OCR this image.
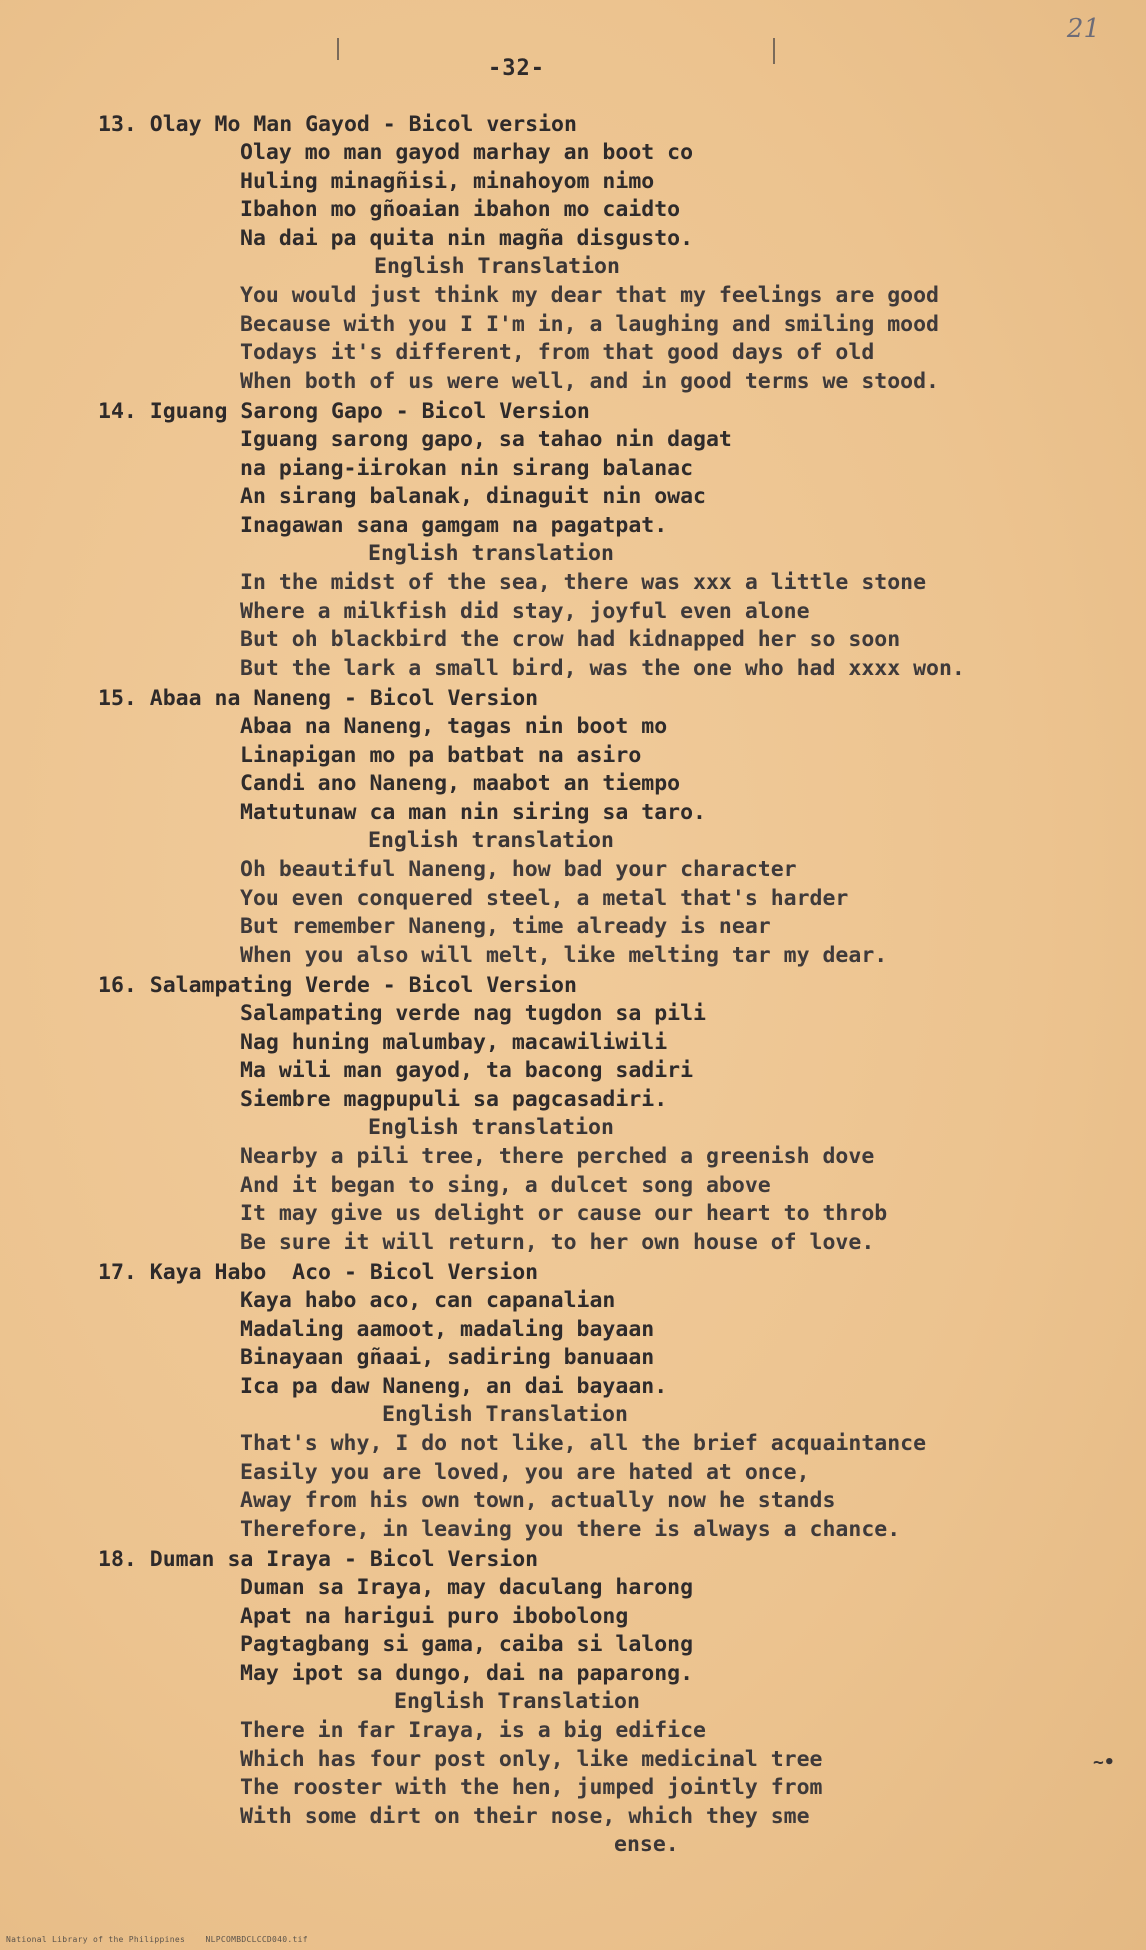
21
-32-
13. Olay Mo Man Gayod - Bicol version
Olay mo man gayod marhay an boot co
Huling minagñisi, minahoyom nimo
Ibahon mo gñoaian ibahon mo caidto
Na dai pa quita nin magña disgusto.
English Translation
You would just think my dear that my feelings are good
Because with you I I'm in, a laughing and smiling mood
Todays it's different, from that good days of old
When both of us were well, and in good terms we stood.
14. Iguang Sarong Gapo - Bicol Version
Iguang sarong gapo, sa tahao nin dagat
na piang-iirokan nin sirang balanac
An sirang balanak, dinaguit nin owac
Inagawan sana gamgam na pagatpat.
English translation
In the midst of the sea, there was xxx a little stone
Where a milkfish did stay, joyful even alone
But oh blackbird the crow had kidnapped her so soon
But the lark a small bird, was the one who had xxxx won.
15. Abaa na Naneng - Bicol Version
Abaa na Naneng, tagas nin boot mo
Linapigan mo pa batbat na asiro
Candi ano Naneng, maabot an tiempo
Matutunaw ca man nin siring sa taro.
English translation
Oh beautiful Naneng, how bad your character
You even conquered steel, a metal that's harder
But remember Naneng, time already is near
When you also will melt, like melting tar my dear.
16. Salampating Verde - Bicol Version
Salampating verde nag tugdon sa pili
Nag huning malumbay, macawiliwili
Ma wili man gayod, ta bacong sadiri
Siembre magpupuli sa pagcasadiri.
English translation
Nearby a pili tree, there perched a greenish dove
And it began to sing, a dulcet song above
It may give us delight or cause our heart to throb
Be sure it will return, to her own house of love.
17. Kaya Habo  Aco - Bicol Version
Kaya habo aco, can capanalian
Madaling aamoot, madaling bayaan
Binayaan gñaai, sadiring banuaan
Ica pa daw Naneng, an dai bayaan.
English Translation
That's why, I do not like, all the brief acquaintance
Easily you are loved, you are hated at once,
Away from his own town, actually now he stands
Therefore, in leaving you there is always a chance.
18. Duman sa Iraya - Bicol Version
Duman sa Iraya, may daculang harong
Apat na harigui puro ibobolong
Pagtagbang si gama, caiba si lalong
May ipot sa dungo, dai na paparong.
English Translation
There in far Iraya, is a big edifice
Which has four post only, like medicinal tree
The rooster with the hen, jumped jointly from
With some dirt on their nose, which they sme
ense.
~•
National Library of the Philippines    NLPCOMBDCLCCD040.tif
